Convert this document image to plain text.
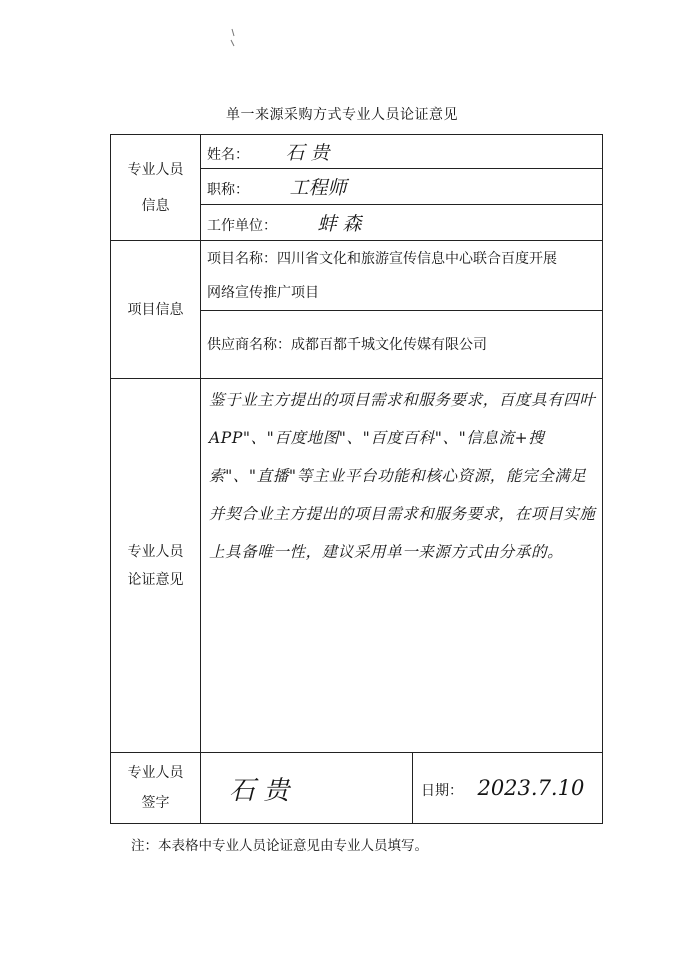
单一来源采购方式专业人员论证意见
专业人员
信息	姓名： 石 贵	
	职称： 工程师	
	工作单位： 蚌 森	

项目信息	项目名称：四川省文化和旅游宣传信息中心联合百度开展
网络宣传推广项目	

	供应商名称：成都百都千城文化传媒有限公司	

专业人员
论证意见	鉴于业主方提出的项目需求和服务要求，百度具有四叶APP"、"百度地图"、"百度百科"、"信息流+搜索"、"直播"等主业平台功能和核心资源，能完全满足并契合业主方提出的项目需求和服务要求，在项目实施上具备唯一性，建议采用单一来源方式由分承的。	

专业人员
签字	石 贵	日期： 2023.7.10
注：本表格中专业人员论证意见由专业人员填写。
